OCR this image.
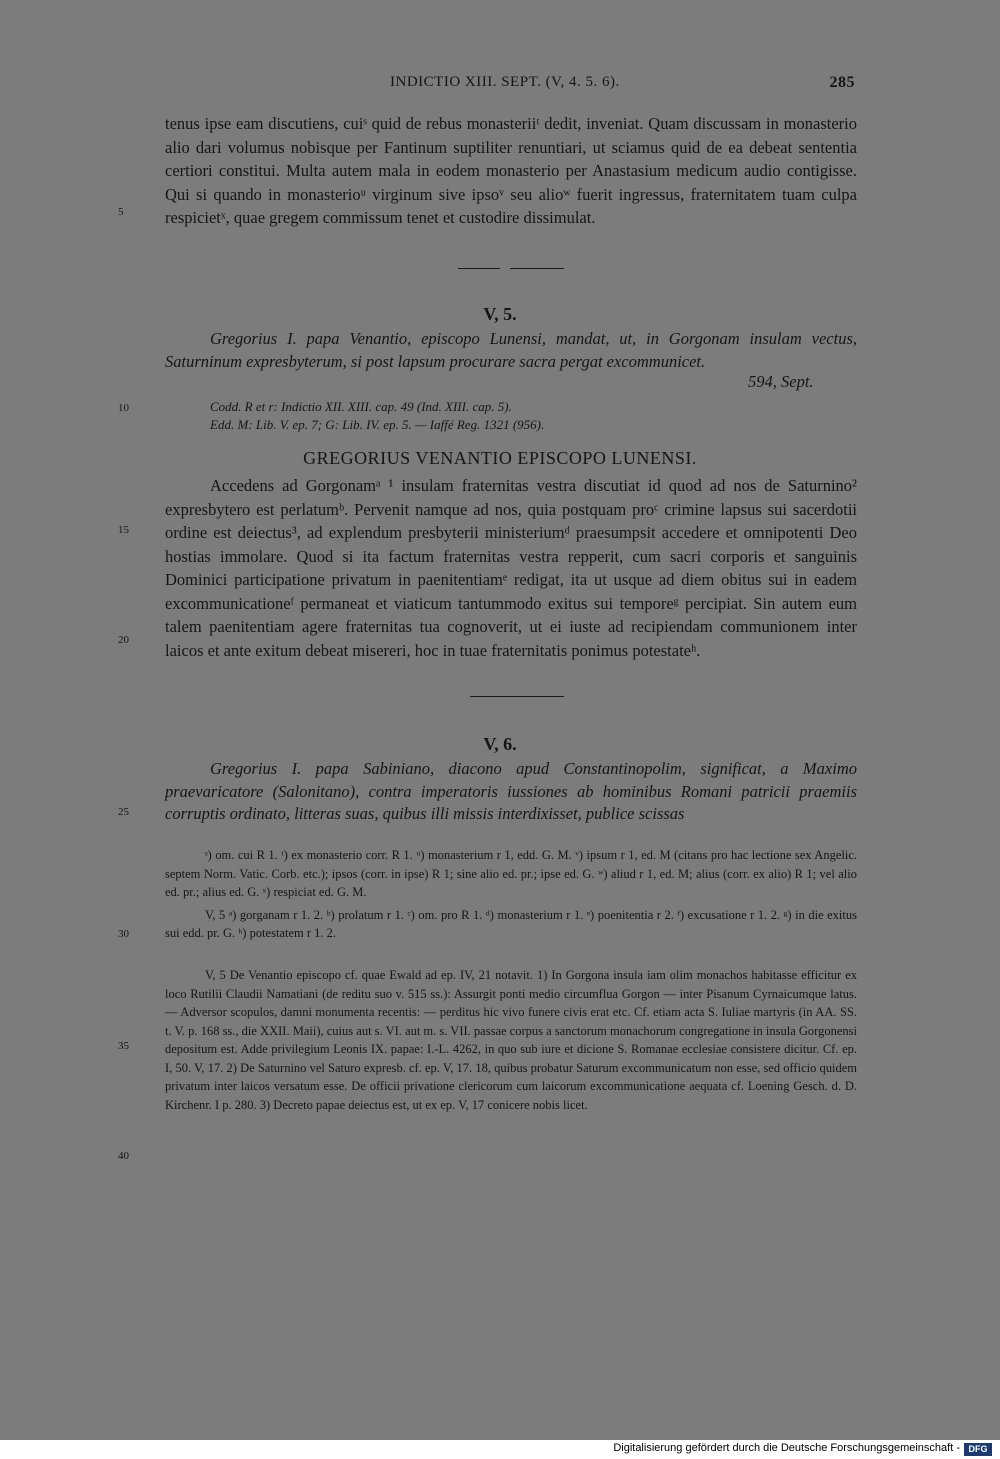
INDICTIO XIII. SEPT. (V, 4. 5. 6).	285

tenus ipse eam discutiens, cuiˢ quid de rebus monasteriiᵗ dedit, inveniat. Quam discussam in monasterio alio dari volumus nobisque per Fantinum suptiliter renuntiari, ut sciamus quid de ea debeat sententia certiori constitui. Multa autem mala in eodem monasterio per Anastasium medicum audio contigisse. Qui si quando in monasterioᵘ virginum sive ipsoᵛ seu alioʷ fuerit ingressus, fraternitatem tuam culpa respicietˣ, quae gregem commissum tenet et custodire dissimulat.

V, 5.

Gregorius I. papa Venantio, episcopo Lunensi, mandat, ut, in Gorgonam insulam vectus, Saturninum expresbyterum, si post lapsum procurare sacra pergat excommunicet.

594, Sept.
Codd. R et r: Indictio XII. XIII. cap. 49 (Ind. XIII. cap. 5).
Edd. M: Lib. V. ep. 7; G: Lib. IV. ep. 5. — Iaffé Reg. 1321 (956).
GREGORIUS VENANTIO EPISCOPO LUNENSI.

Accedens ad Gorgonamᵃ ¹ insulam fraternitas vestra discutiat id quod ad nos de Saturnino² expresbytero est perlatumᵇ. Pervenit namque ad nos, quia postquam proᶜ crimine lapsus sui sacerdotii ordine est deiectus³, ad explendum presbyterii ministeriumᵈ praesumpsit accedere et omnipotenti Deo hostias immolare. Quod si ita factum fraternitas vestra repperit, cum sacri corporis et sanguinis Dominici participatione privatum in paenitentiamᵉ redigat, ita ut usque ad diem obitus sui in eadem excommunicationeᶠ permaneat et viaticum tantummodo exitus sui temporeᵍ percipiat. Sin autem eum talem paenitentiam agere fraternitas tua cognoverit, ut ei iuste ad recipiendam communionem inter laicos et ante exitum debeat misereri, hoc in tuae fraternitatis ponimus potestateʰ.

V, 6.

Gregorius I. papa Sabiniano, diacono apud Constantinopolim, significat, a Maximo praevaricatore (Salonitano), contra imperatoris iussiones ab hominibus Romani patricii praemiis corruptis ordinato, litteras suas, quibus illi missis interdixisset, publice scissas

ˢ) om. cui R 1. ᵗ) ex monasterio corr. R 1. ᵘ) monasterium r 1, edd. G. M. ᵛ) ipsum r 1, ed. M (citans pro hac lectione sex Angelic. septem Norm. Vatic. Corb. etc.); ipsos (corr. in ipse) R 1; sine alio ed. pr.; ipse ed. G. ʷ) aliud r 1, ed. M; alius (corr. ex alio) R 1; vel alio ed. pr.; alius ed. G. ˣ) respiciat ed. G. M.

V, 5 ᵃ) gorganam r 1. 2. ᵇ) prolatum r 1. ᶜ) om. pro R 1. ᵈ) monasterium r 1. ᵉ) poenitentia r 2. ᶠ) excusatione r 1. 2. ᵍ) in die exitus sui edd. pr. G. ʰ) potestatem r 1. 2.

V, 5 De Venantio episcopo cf. quae Ewald ad ep. IV, 21 notavit. 1) In Gorgona insula iam olim monachos habitasse efficitur ex loco Rutilii Claudii Namatiani (de reditu suo v. 515 ss.): Assurgit ponti medio circumflua Gorgon — inter Pisanum Cyrnaicumque latus. — Adversor scopulos, damni monumenta recentis: — perditus hic vivo funere civis erat etc. Cf. etiam acta S. Iuliae martyris (in AA. SS. t. V. p. 168 ss., die XXII. Maii), cuius aut s. VI. aut m. s. VII. passae corpus a sanctorum monachorum congregatione in insula Gorgonensi depositum est. Adde privilegium Leonis IX. papae: I.-L. 4262, in quo sub iure et dicione S. Romanae ecclesiae consistere dicitur. Cf. ep. I, 50. V, 17. 2) De Saturnino vel Saturo expresb. cf. ep. V, 17. 18, quibus probatur Saturum excommunicatum non esse, sed officio quidem privatum inter laicos versatum esse. De officii privatione clericorum cum laicorum excommunicatione aequata cf. Loening Gesch. d. D. Kirchenr. I p. 280. 3) Decreto papae deiectus est, ut ex ep. V, 17 conicere nobis licet.

5
10
15
20
25
30
35
40
Digitalisierung gefördert durch die Deutsche Forschungsgemeinschaft - DFG
